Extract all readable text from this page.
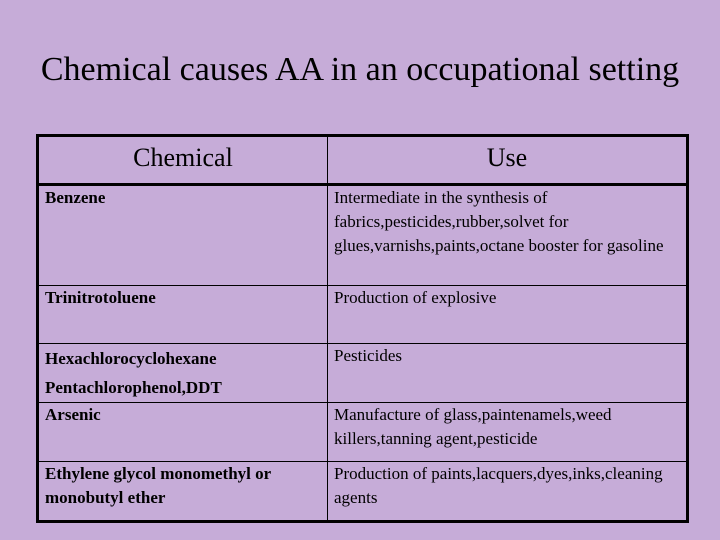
Chemical causes AA in an occupational setting
Chemical	Use

Benzene	Intermediate in the synthesis of fabrics,pesticides,rubber,solvet for glues,varnishs,paints,octane booster for gasoline

Trinitrotoluene	Production of explosive

Hexachlorocyclohexane
Pentachlorophenol,DDT	Pesticides

Arsenic	Manufacture of glass,paintenamels,weed killers,tanning agent,pesticide

Ethylene glycol monomethyl or monobutyl ether	Production of paints,lacquers,dyes,inks,cleaning agents
